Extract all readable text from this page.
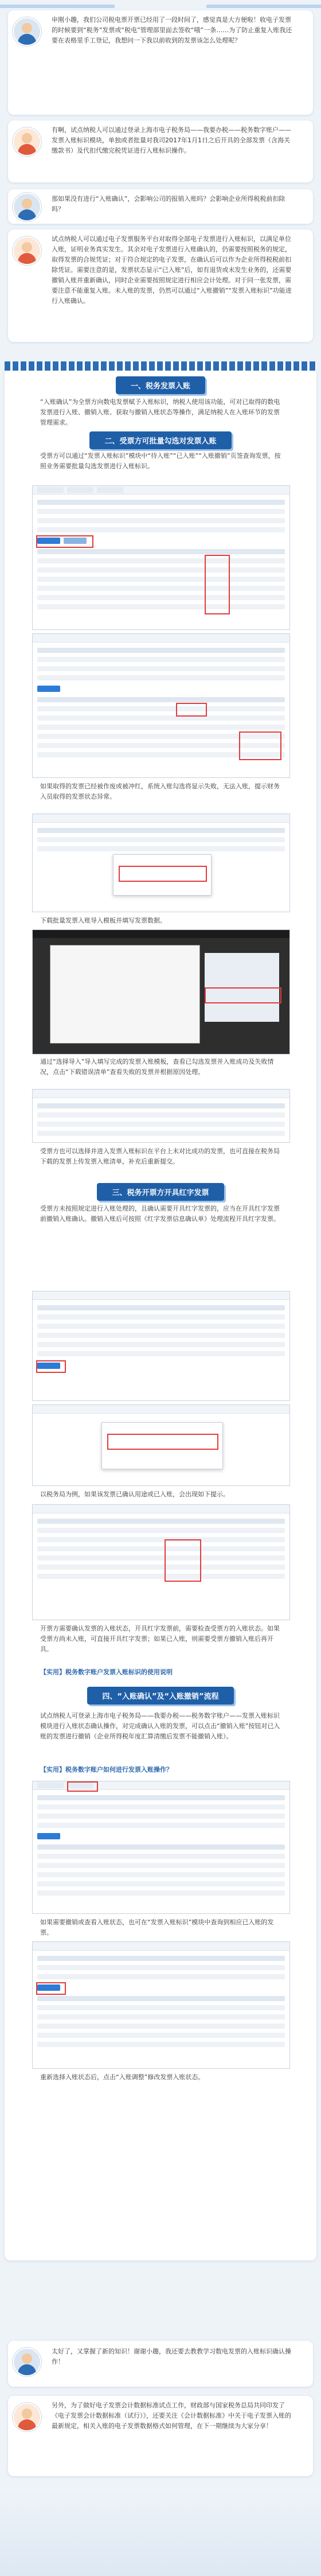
申刚小趣，我们公司税电票开票已经用了一段时间了，感觉真是大方便啦！收电子发票的时候要到“税务”发票或“税电”管理部里面去签收“哦”一条……为了防止重复入账我还要在表格里手工登记，我想问一下我以前收到的发票该怎么处理呢？

有啊，试点纳税人可以通过登录上海市电子税务局——我要办税——税务数字账户——发票入账标识模块，单独或者批量对我司2017年1月1日之后开具的全部发票（含海关缴款书）及代扣代缴完税凭证进行入账标识操作。

那如果没有进行“入账确认”，会影响公司的报销入账吗？会影响企业所得税税前扣除吗？

试点纳税人可以通过电子发票服务平台对取得全部电子发票进行入账标识，以满足单位入账，证明业务真实发生。其余对电子发票进行入账确认的，仍需要按照税务的规定，取得发票的合规凭证；对于符合规定的电子发票，在确认后可以作为企业所得税税前扣除凭证。需要注意的是，发票状态显示“已入账”后，如有退货或未发生业务的，还需要撤销入账并重新确认，同时企业需要按照规定进行相应会计处理。对于同一张发票，需要注意不能重复入账。未入账的发票，仍然可以通过“入账撤销”“发票入账标识”功能进行入账确认。

一、税务发票入账

“入账确认”为全票方向数电发票赋予入账标识，纳税人使用该功能，可对已取得的数电发票进行入账、撤销入账、获取与撤销入账状态等操作，满足纳税人在入账环节的发票管理需求。

二、受票方可批量勾选对发票入账

受票方可以通过“发票入账标识”模块中“待入账”“已入账”“入账撤销”页签查询发票，按照业务需要批量勾选发票进行入账标识。

如果取得的发票已经被作废或被冲红，系统入账勾选将显示失败，无法入账，提示财务入员取得的发票状态异常。

下载批量发票入账导入模板并填写发票数据。

通过“选择导入”导入填写完成的发票入账模板，查看已勾选发票并入账成功及失败情况，点击“下载错误清单”查看失败的发票并根据原因处理。

受票方也可以选择并进入发票入账标识在平台上未对比成功的发票，也可直接在税务局下载的发票上传发票入账清单，补充后重新提交。

三、税务开票方开具红字发票

受票方未按照规定进行入账处理的，且确认需要开具红字发票的，应当在开具红字发票前撤销入账确认。撤销入账后可按照《红字发票信息确认单》处理流程开具红字发票。

以税务局为例，如果该发票已确认用途或已入账，会出现如下提示。

开票方需要确认发票的入账状态，开具红字发票前，需要检查受票方的入账状态。如果受票方尚未入账，可直接开具红字发票；如果已入账，则需要受票方撤销入账后再开具。

【实用】税务数字账户发票入账标识的使用说明

四、“入账确认”及“入账撤销”流程

试点纳税人可登录上海市电子税务局——我要办税——税务数字账户——发票入账标识模块进行入账状态确认操作，对完成确认入账的发票，可以点击“撤销入账”按钮对已入账的发票进行撤销（企业所得税年度汇算清缴后发票不能撤销入账）。

【实用】税务数字账户如何进行发票入账操作？

如果需要撤销或查看入账状态，也可在“发票入账标识”模块中查询到相应已入账的发票。

重新选择入账状态后，点击“入账调整”修改发票入账状态。

太好了，又掌握了新的知识！谢谢小趣，我还要去教教学习数电发票的入账标识确认操作！

另外，为了做好电子发票会计数据标准试点工作，财政部与国家税务总局共同印发了《电子发票会计数据标准（试行）》，还要关注《会计数据标准》中关于电子发票入账的最新规定，相关入账的电子发票数据格式如何管理，在下一期继续为大家分享！
